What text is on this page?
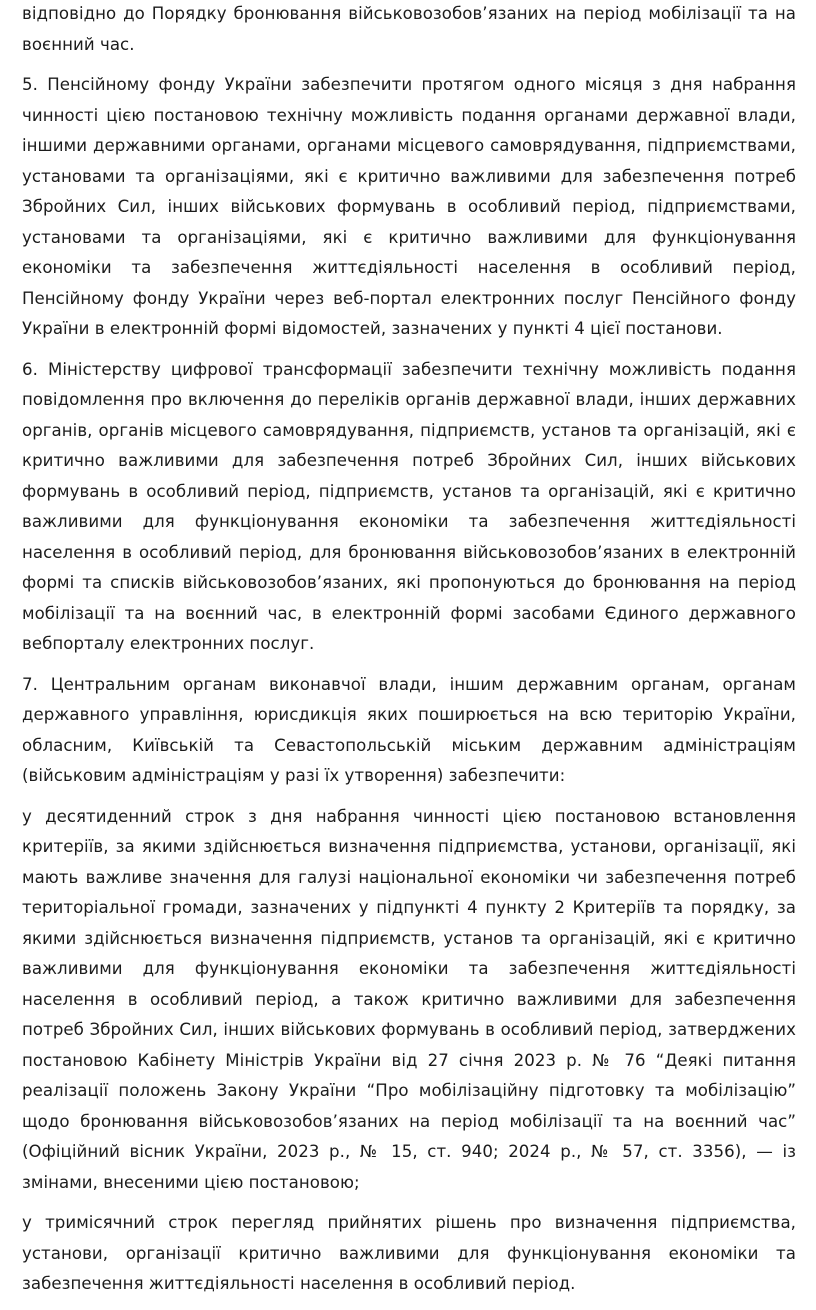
відповідно до Порядку бронювання військовозобов’язаних на період мобілізації та на воєнний час.

5. Пенсійному фонду України забезпечити протягом одного місяця з дня набрання чинності цією постановою технічну можливість подання органами державної влади, іншими державними органами, органами місцевого самоврядування, підприємствами, установами та організаціями, які є критично важливими для забезпечення потреб Збройних Сил, інших військових формувань в особливий період, підприємствами, установами та організаціями, які є критично важливими для функціонування економіки та забезпечення життєдіяльності населення в особливий період, Пенсійному фонду України через веб-портал електронних послуг Пенсійного фонду України в електронній формі відомостей, зазначених у пункті 4 цієї постанови.

6. Міністерству цифрової трансформації забезпечити технічну можливість подання повідомлення про включення до переліків органів державної влади, інших державних органів, органів місцевого самоврядування, підприємств, установ та організацій, які є критично важливими для забезпечення потреб Збройних Сил, інших військових формувань в особливий період, підприємств, установ та організацій, які є критично важливими для функціонування економіки та забезпечення життєдіяльності населення в особливий період, для бронювання військовозобов’язаних в електронній формі та списків військовозобов’язаних, які пропонуються до бронювання на період мобілізації та на воєнний час, в електронній формі засобами Єдиного державного вебпорталу електронних послуг.

7. Центральним органам виконавчої влади, іншим державним органам, органам державного управління, юрисдикція яких поширюється на всю територію України, обласним, Київській та Севастопольській міським державним адміністраціям (військовим адміністраціям у разі їх утворення) забезпечити:

у десятиденний строк з дня набрання чинності цією постановою встановлення критеріїв, за якими здійснюється визначення підприємства, установи, організації, які мають важливе значення для галузі національної економіки чи забезпечення потреб територіальної громади, зазначених у підпункті 4 пункту 2 Критеріїв та порядку, за якими здійснюється визначення підприємств, установ та організацій, які є критично важливими для функціонування економіки та забезпечення життєдіяльності населення в особливий період, а також критично важливими для забезпечення потреб Збройних Сил, інших військових формувань в особливий період, затверджених постановою Кабінету Міністрів України від 27 січня 2023 р. № 76 “Деякі питання реалізації положень Закону України “Про мобілізаційну підготовку та мобілізацію” щодо бронювання військовозобов’язаних на період мобілізації та на воєнний час” (Офіційний вісник України, 2023 р., № 15, ст. 940; 2024 р., № 57, ст. 3356), — із змінами, внесеними цією постановою;

у тримісячний строк перегляд прийнятих рішень про визначення підприємства, установи, організації критично важливими для функціонування економіки та забезпечення життєдіяльності населення в особливий період.
